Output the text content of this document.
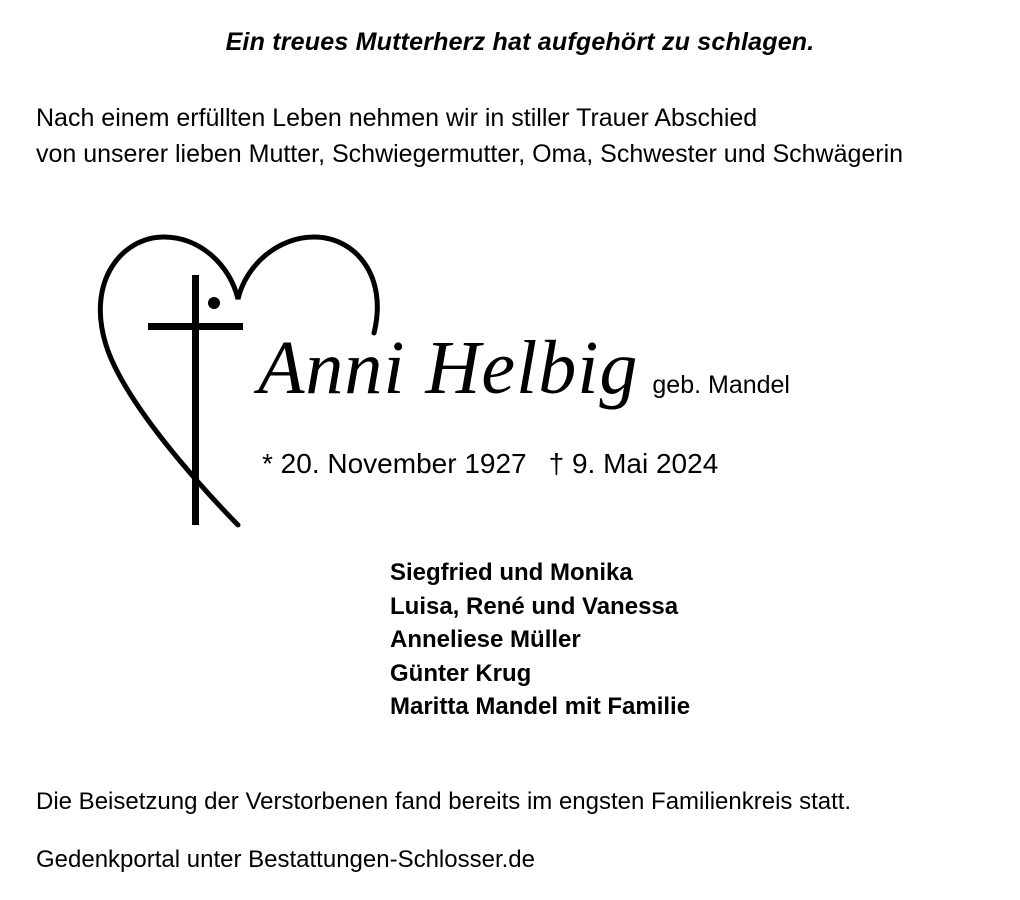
Ein treues Mutterherz hat aufgehört zu schlagen.
Nach einem erfüllten Leben nehmen wir in stiller Trauer Abschied
von unserer lieben Mutter, Schwiegermutter, Oma, Schwester und Schwägerin
Anni Helbig geb. Mandel
* 20. November 1927 † 9. Mai 2024
Siegfried und Monika
Luisa, René und Vanessa
Anneliese Müller
Günter Krug
Maritta Mandel mit Familie
Die Beisetzung der Verstorbenen fand bereits im engsten Familienkreis statt.
Gedenkportal unter Bestattungen-Schlosser.de
